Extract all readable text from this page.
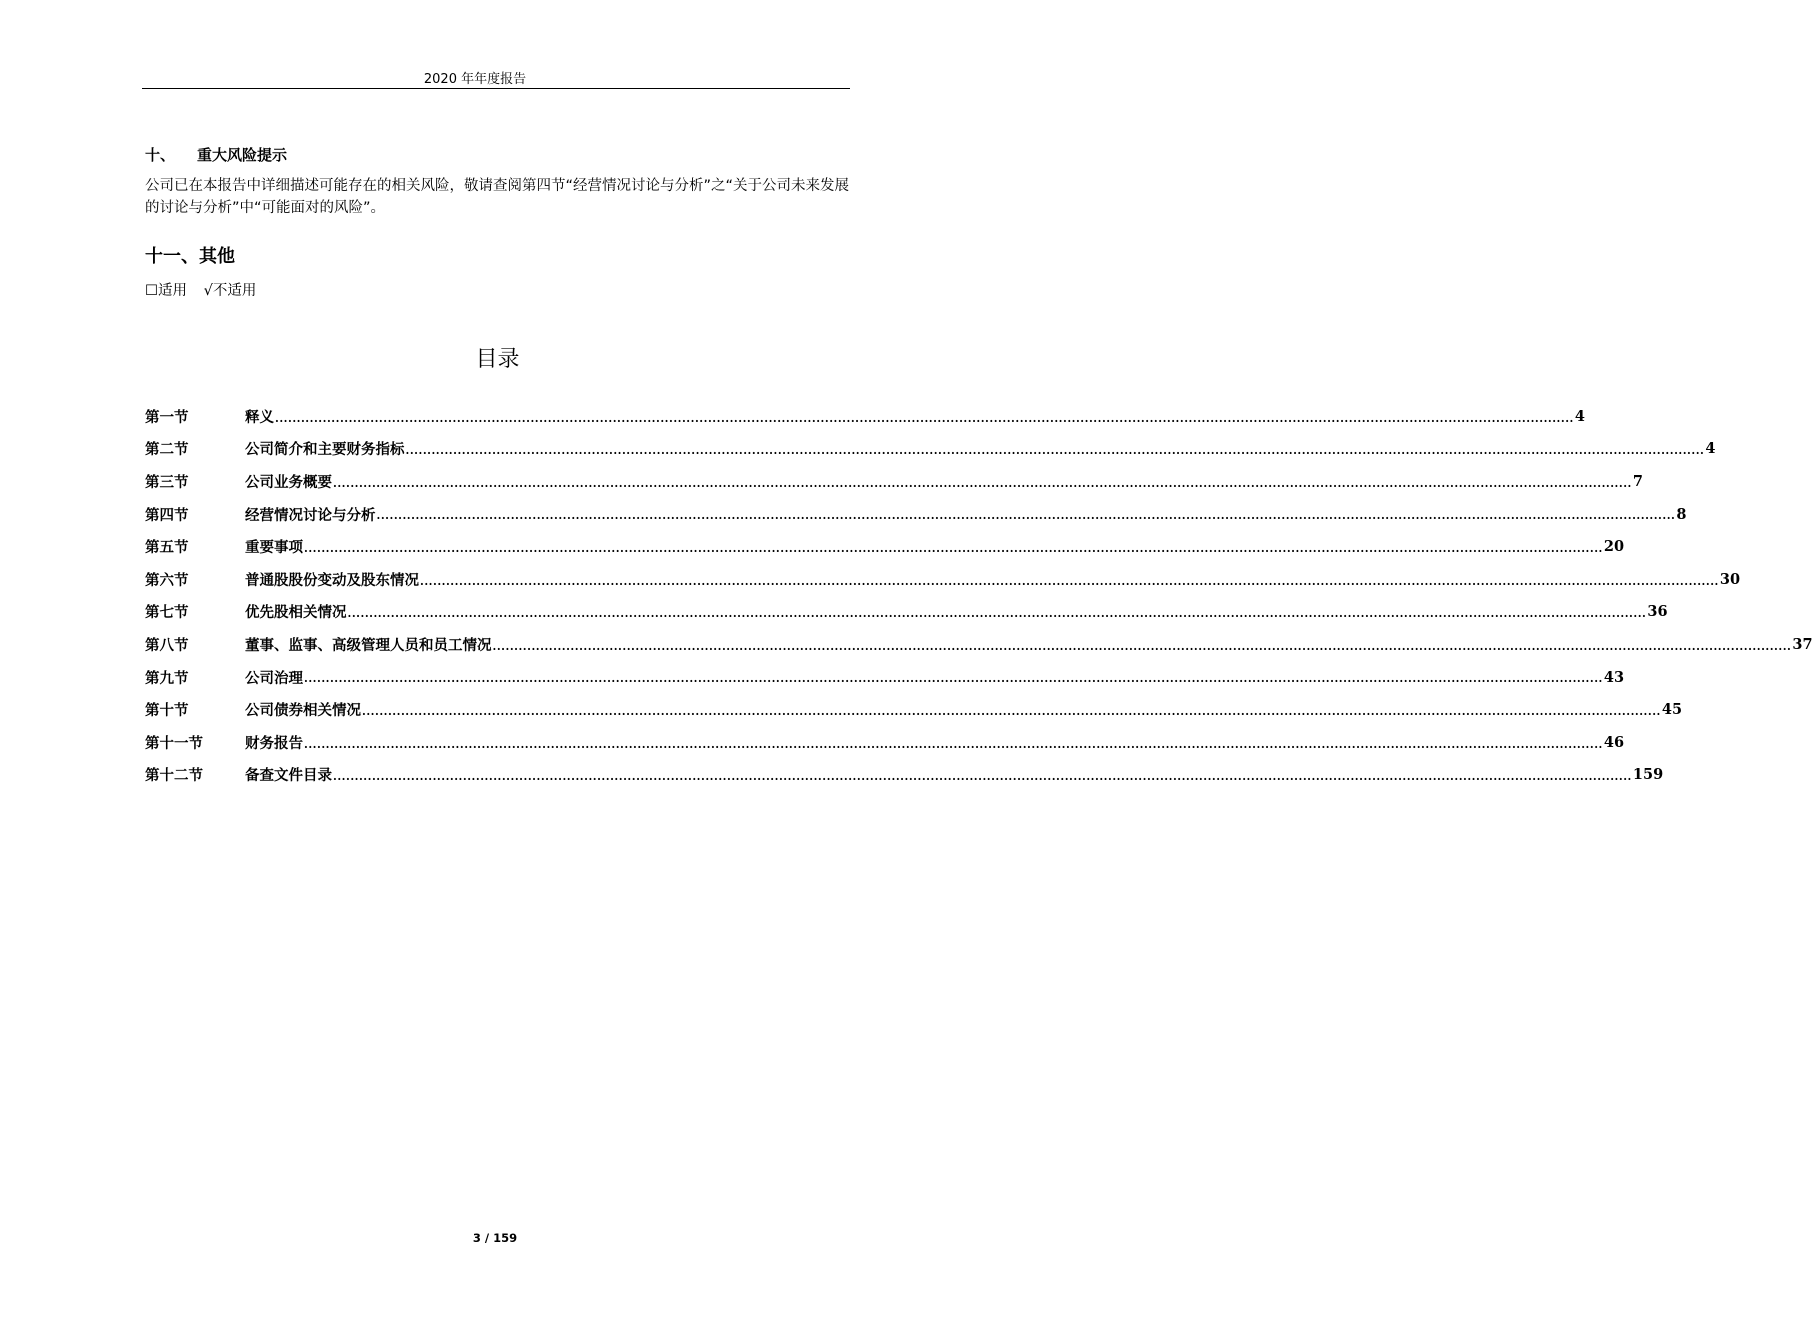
2020 年年度报告
十、 重大风险提示
公司已在本报告中详细描述可能存在的相关风险，敬请查阅第四节“经营情况讨论与分析”之“关于公司未来发展的讨论与分析”中“可能面对的风险”。
十一、其他
☐适用 √不适用
目录
第一节	释义 ............................................................................................................................................................................................................................................................................................................ 4
第二节	公司简介和主要财务指标 ............................................................................................................................................................................................................................................................................................................ 4
第三节	公司业务概要 ............................................................................................................................................................................................................................................................................................................ 7
第四节	经营情况讨论与分析 ............................................................................................................................................................................................................................................................................................................ 8
第五节	重要事项 ............................................................................................................................................................................................................................................................................................................ 20
第六节	普通股股份变动及股东情况 ............................................................................................................................................................................................................................................................................................................ 30
第七节	优先股相关情况 ............................................................................................................................................................................................................................................................................................................ 36
第八节	董事、监事、高级管理人员和员工情况 ............................................................................................................................................................................................................................................................................................................ 37
第九节	公司治理 ............................................................................................................................................................................................................................................................................................................ 43
第十节	公司债券相关情况 ............................................................................................................................................................................................................................................................................................................ 45
第十一节	财务报告 ............................................................................................................................................................................................................................................................................................................ 46
第十二节	备查文件目录 ............................................................................................................................................................................................................................................................................................................ 159
3 / 159
